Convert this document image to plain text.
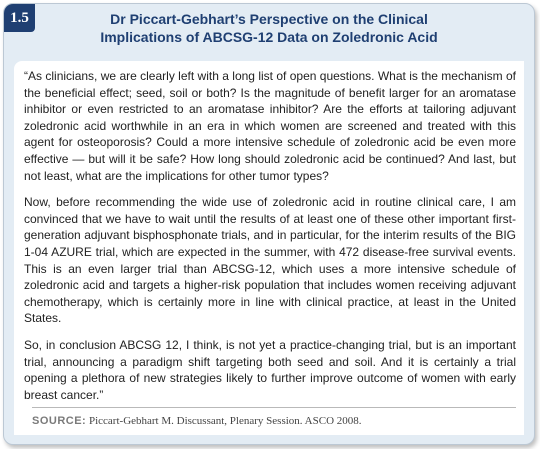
1.5	Dr Piccart-Gebhart’s Perspective on the Clinical
Implications of ABCSG-12 Data on Zoledronic Acid

“As clinicians, we are clearly left with a long list of open questions. What is the mechanism of the beneficial effect; seed, soil or both? Is the magnitude of benefit larger for an aromatase inhibitor or even restricted to an aromatase inhibitor? Are the efforts at tailoring adjuvant zoledronic acid worthwhile in an era in which women are screened and treated with this agent for osteoporosis? Could a more intensive schedule of zoledronic acid be even more effective — but will it be safe? How long should zoledronic acid be continued? And last, but not least, what are the implications for other tumor types?

Now, before recommending the wide use of zoledronic acid in routine clinical care, I am convinced that we have to wait until the results of at least one of these other important first-generation adjuvant bisphosphonate trials, and in particular, for the interim results of the BIG 1-04 AZURE trial, which are expected in the summer, with 472 disease-free survival events. This is an even larger trial than ABCSG-12, which uses a more intensive schedule of zoledronic acid and targets a higher-risk population that includes women receiving adjuvant chemotherapy, which is certainly more in line with clinical practice, at least in the United States.

So, in conclusion ABCSG 12, I think, is not yet a practice-changing trial, but is an important trial, announcing a paradigm shift targeting both seed and soil. And it is certainly a trial opening a plethora of new strategies likely to further improve outcome of women with early breast cancer.”

SOURCE: Piccart-Gebhart M. Discussant, Plenary Session. ASCO 2008.
